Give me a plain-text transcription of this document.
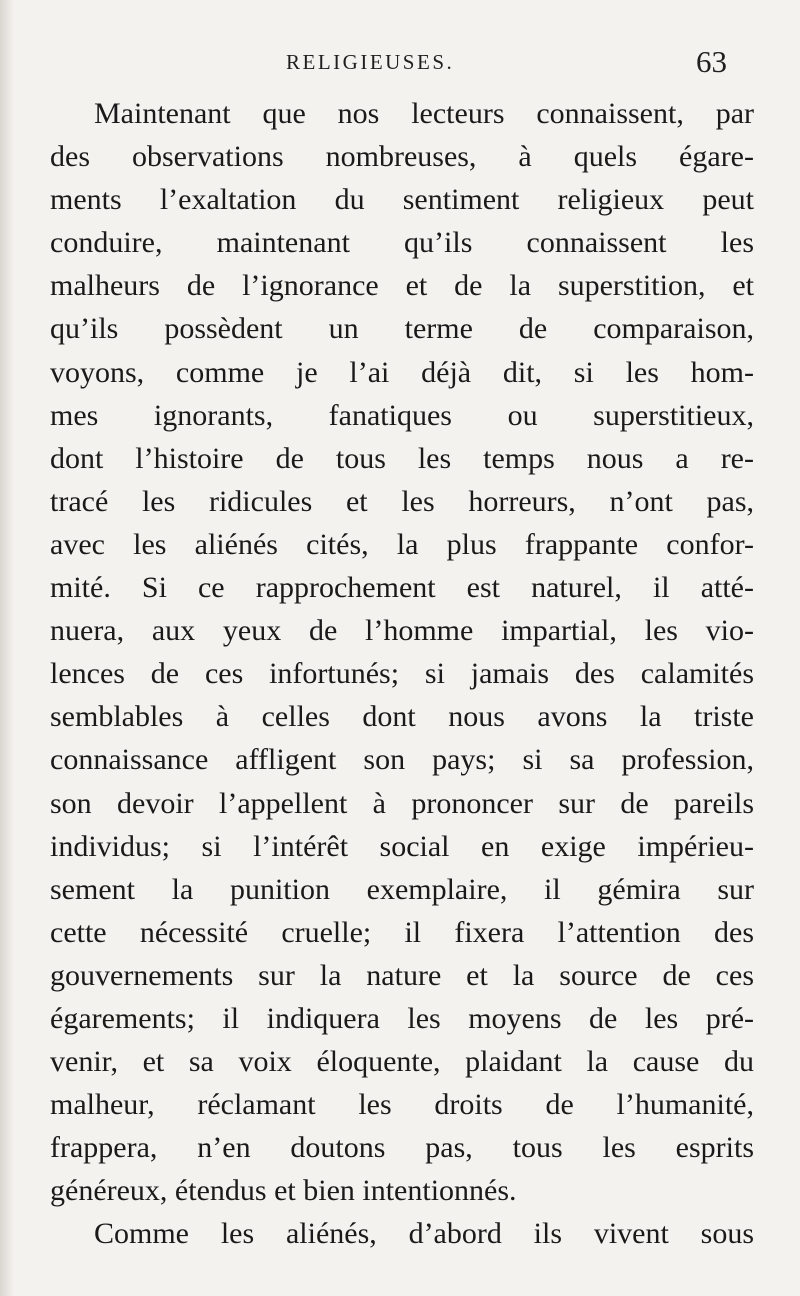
RELIGIEUSES.	63
Maintenant que nos lecteurs connaissent, par
des observations nombreuses, à quels égare-
ments l’exaltation du sentiment religieux peut
conduire, maintenant qu’ils connaissent les
malheurs de l’ignorance et de la superstition, et
qu’ils possèdent un terme de comparaison,
voyons, comme je l’ai déjà dit, si les hom-
mes ignorants, fanatiques ou superstitieux,
dont l’histoire de tous les temps nous a re-
tracé les ridicules et les horreurs, n’ont pas,
avec les aliénés cités, la plus frappante confor-
mité. Si ce rapprochement est naturel, il atté-
nuera, aux yeux de l’homme impartial, les vio-
lences de ces infortunés; si jamais des calamités
semblables à celles dont nous avons la triste
connaissance affligent son pays; si sa profession,
son devoir l’appellent à prononcer sur de pareils
individus; si l’intérêt social en exige impérieu-
sement la punition exemplaire, il gémira sur
cette nécessité cruelle; il fixera l’attention des
gouvernements sur la nature et la source de ces
égarements; il indiquera les moyens de les pré-
venir, et sa voix éloquente, plaidant la cause du
malheur, réclamant les droits de l’humanité,
frappera, n’en doutons pas, tous les esprits
généreux, étendus et bien intentionnés.
Comme les aliénés, d’abord ils vivent sous
